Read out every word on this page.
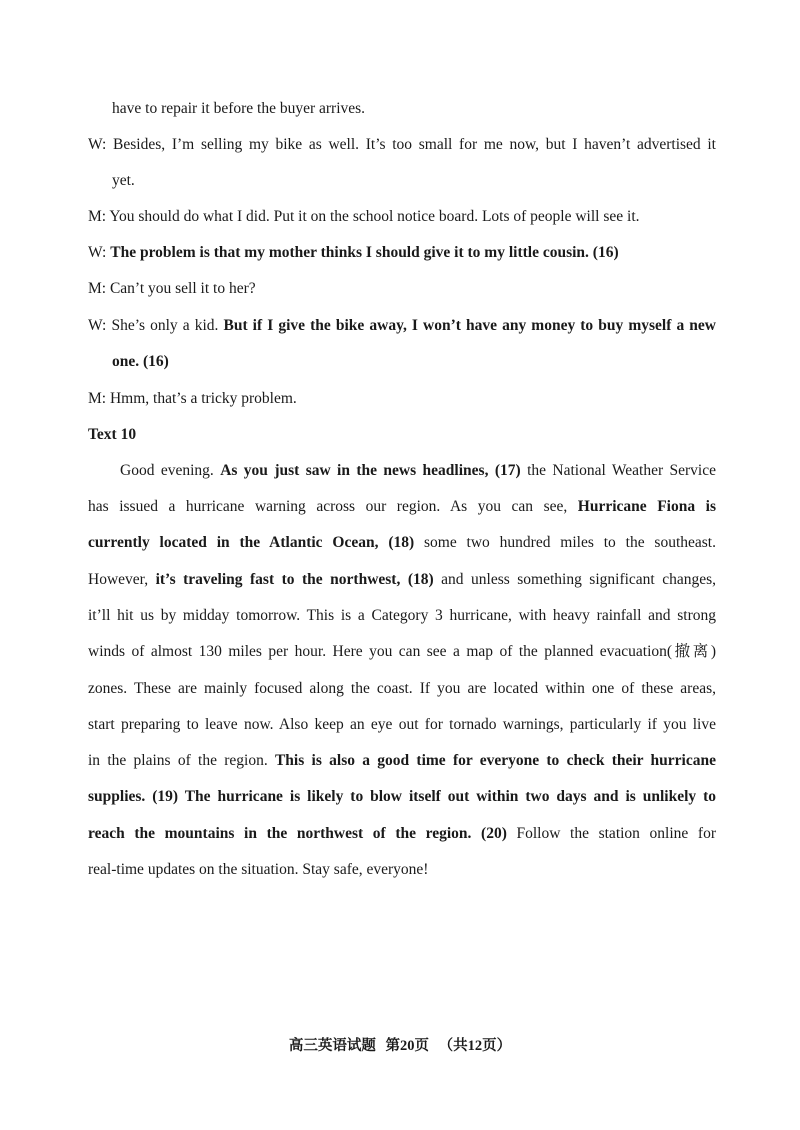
have to repair it before the buyer arrives.
W: Besides, I’m selling my bike as well. It’s too small for me now, but I haven’t advertised it
yet.
M: You should do what I did. Put it on the school notice board. Lots of people will see it.
W: The problem is that my mother thinks I should give it to my little cousin. (16)
M: Can’t you sell it to her?
W: She’s only a kid. But if I give the bike away, I won’t have any money to buy myself a new
one. (16)
M: Hmm, that’s a tricky problem.
Text 10
Good evening. As you just saw in the news headlines, (17) the National Weather Service
has issued a hurricane warning across our region. As you can see, Hurricane Fiona is
currently located in the Atlantic Ocean, (18) some two hundred miles to the southeast.
However, it’s traveling fast to the northwest, (18) and unless something significant changes,
it’ll hit us by midday tomorrow. This is a Category 3 hurricane, with heavy rainfall and strong
winds of almost 130 miles per hour. Here you can see a map of the planned evacuation(撤离)
zones. These are mainly focused along the coast. If you are located within one of these areas,
start preparing to leave now. Also keep an eye out for tornado warnings, particularly if you live
in the plains of the region. This is also a good time for everyone to check their hurricane
supplies. (19) The hurricane is likely to blow itself out within two days and is unlikely to
reach the mountains in the northwest of the region. (20) Follow the station online for
real-time updates on the situation. Stay safe, everyone!
高三英语试题 第20页 （共12页）
